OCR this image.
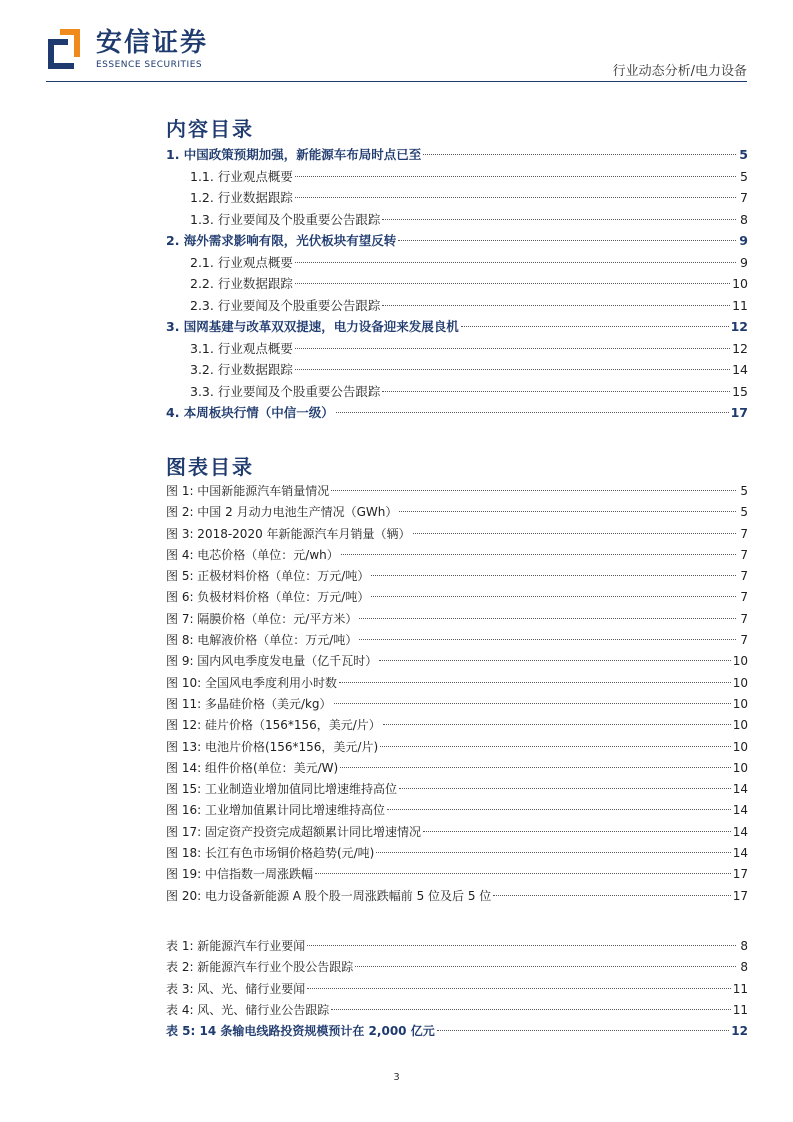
安信证券
ESSENCE SECURITIES	行业动态分析/电力设备
内容目录
1. 中国政策预期加强，新能源车布局时点已至	5
1.1. 行业观点概要	5
1.2. 行业数据跟踪	7
1.3. 行业要闻及个股重要公告跟踪	8
2. 海外需求影响有限，光伏板块有望反转	9
2.1. 行业观点概要	9
2.2. 行业数据跟踪	10
2.3. 行业要闻及个股重要公告跟踪	11
3. 国网基建与改革双双提速，电力设备迎来发展良机	12
3.1. 行业观点概要	12
3.2. 行业数据跟踪	14
3.3. 行业要闻及个股重要公告跟踪	15
4. 本周板块行情（中信一级）	17
图表目录
图 1: 中国新能源汽车销量情况	5
图 2: 中国 2 月动力电池生产情况（GWh）	5
图 3: 2018-2020 年新能源汽车月销量（辆）	7
图 4: 电芯价格（单位：元/wh）	7
图 5: 正极材料价格（单位：万元/吨）	7
图 6: 负极材料价格（单位：万元/吨）	7
图 7: 隔膜价格（单位：元/平方米）	7
图 8: 电解液价格（单位：万元/吨）	7
图 9: 国内风电季度发电量（亿千瓦时）	10
图 10: 全国风电季度利用小时数	10
图 11: 多晶硅价格（美元/kg）	10
图 12: 硅片价格（156*156，美元/片）	10
图 13: 电池片价格(156*156，美元/片)	10
图 14: 组件价格(单位：美元/W)	10
图 15: 工业制造业增加值同比增速维持高位	14
图 16: 工业增加值累计同比增速维持高位	14
图 17: 固定资产投资完成超额累计同比增速情况	14
图 18: 长江有色市场铜价格趋势(元/吨)	14
图 19: 中信指数一周涨跌幅	17
图 20: 电力设备新能源 A 股个股一周涨跌幅前 5 位及后 5 位	17
表 1: 新能源汽车行业要闻	8
表 2: 新能源汽车行业个股公告跟踪	8
表 3: 风、光、储行业要闻	11
表 4: 风、光、储行业公告跟踪	11
表 5: 14 条输电线路投资规模预计在 2,000 亿元	12
3
